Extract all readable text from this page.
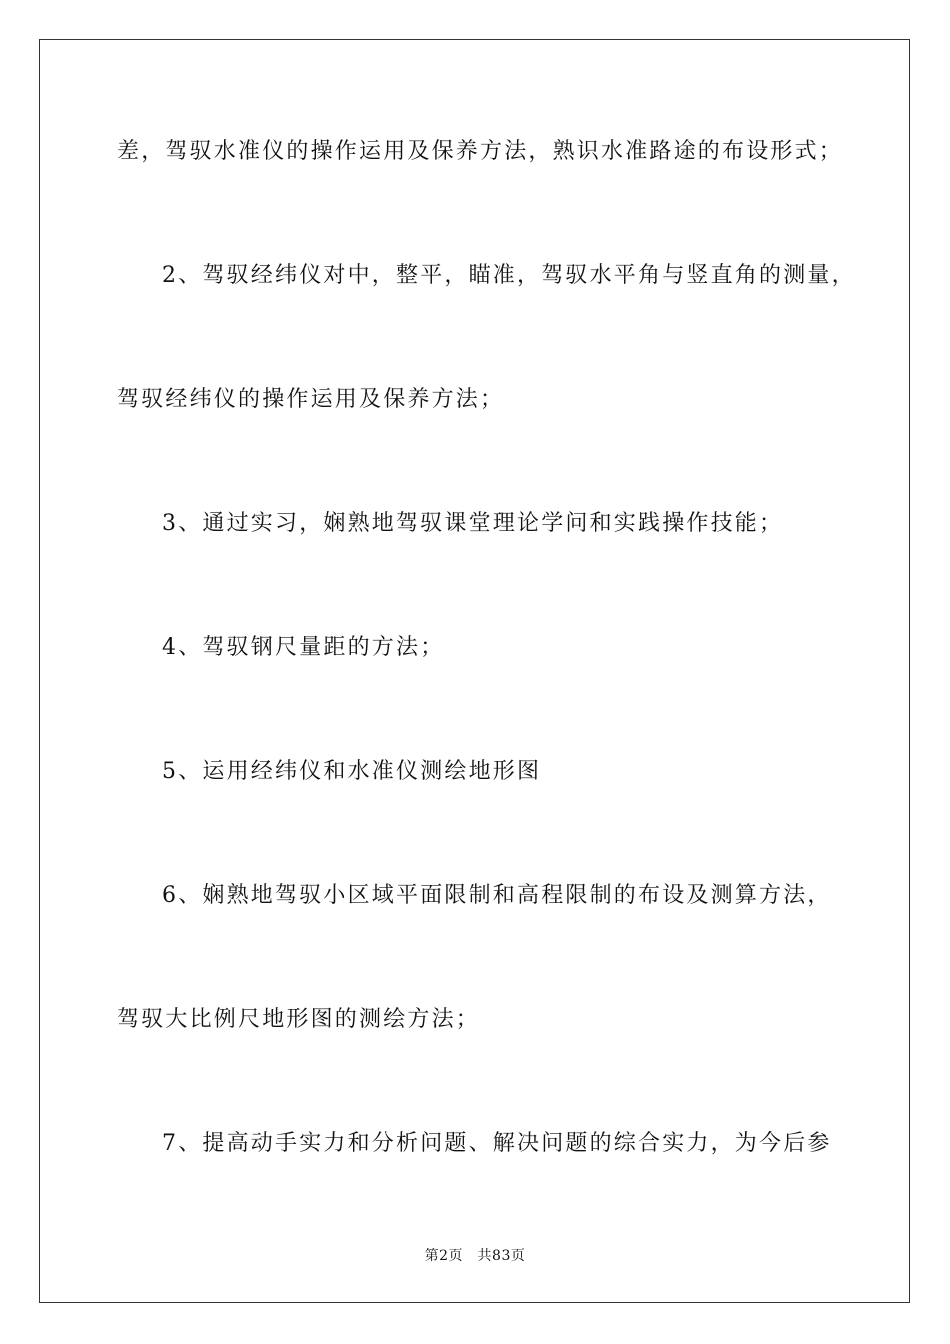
差，驾驭水准仪的操作运用及保养方法，熟识水准路途的布设形式；
2、驾驭经纬仪对中，整平，瞄准，驾驭水平角与竖直角的测量，
驾驭经纬仪的操作运用及保养方法；
3、通过实习，娴熟地驾驭课堂理论学问和实践操作技能；
4、驾驭钢尺量距的方法；
5、运用经纬仪和水准仪测绘地形图
6、娴熟地驾驭小区域平面限制和高程限制的布设及测算方法，
驾驭大比例尺地形图的测绘方法；
7、提高动手实力和分析问题、解决问题的综合实力，为今后参
第2页　共83页
